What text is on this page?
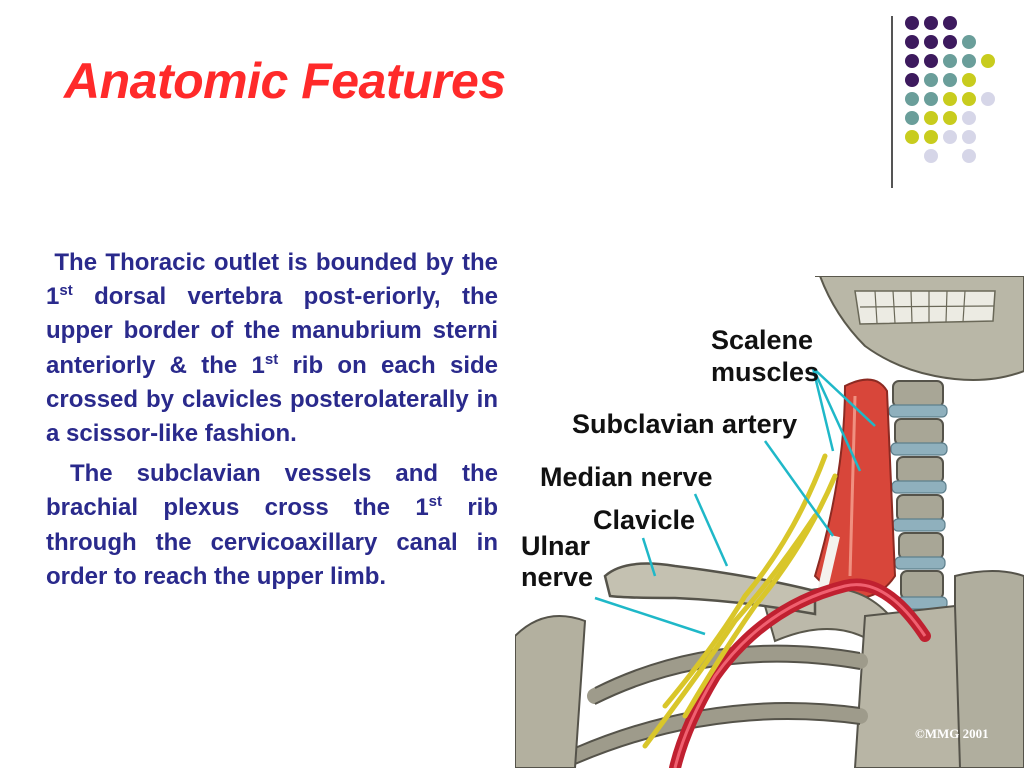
Anatomic Features

The Thoracic outlet is bounded by the 1st dorsal vertebra post-eriorly, the upper border of the manubrium sterni anteriorly & the 1st rib on each side crossed by clavicles posterolaterally in a scissor-like fashion.

The subclavian vessels and the brachial plexus cross the 1st rib through the cervicoaxillary canal in order to reach the upper limb.

Scalene
muscles
Subclavian artery
Median nerve
Clavicle
Ulnar
nerve
©MMG 2001
